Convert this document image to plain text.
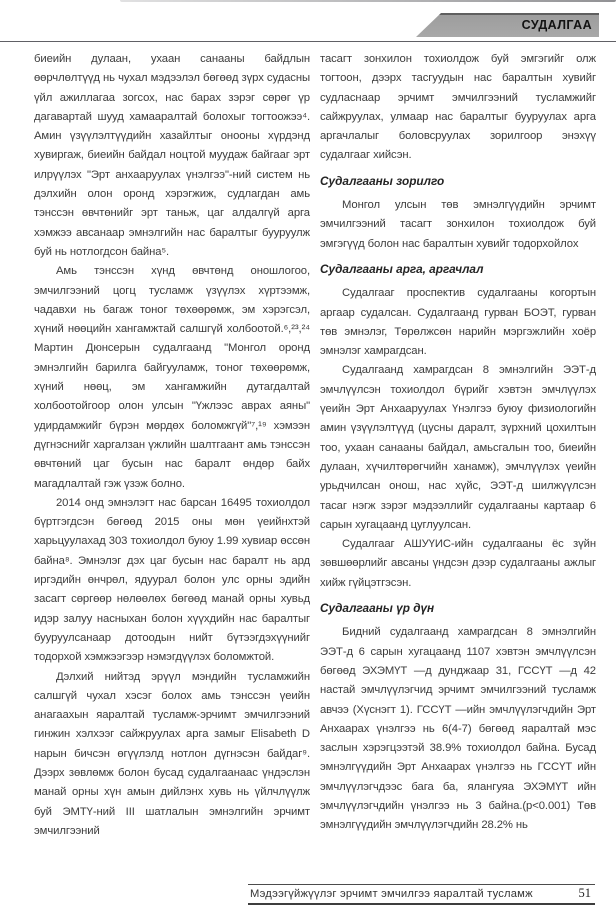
СУДАЛГАА

биеийн дулаан, ухаан санааны байдлын өөрчлөлтүүд нь чухал мэдээлэл бөгөөд зүрх судасны үйл ажиллагаа зогсох, нас барах зэрэг сөрөг үр дагавартай шууд хамааралтай болохыг тогтоожээ⁴. Амин үзүүлэлтүүдийн хазайлтыг онооны хүрдэнд хувиргаж, биеийн байдал ноцтой муудаж байгааг эрт илрүүлэх "Эрт анхааруулах үнэлгээ"-ний систем нь дэлхийн олон оронд хэрэгжиж, судлагдан амь тэнссэн өвчтөнийг эрт таньж, цаг алдалгүй арга хэмжээ авсанаар эмнэлгийн нас баралтыг бууруулж буй нь нотлогдсон байна⁵.

Амь тэнссэн хүнд өвчтөнд оношлогоо, эмчилгээний цогц тусламж үзүүлэх хүртээмж, чадавхи нь багаж тоног төхөөрөмж, эм хэрэгсэл, хүний нөөцийн хангамжтай салшгүй холбоотой.⁶,²³,²⁴ Мартин Дюнсерын судалгаанд "Монгол оронд эмнэлгийн барилга байгууламж, тоног төхөөрөмж, хүний нөөц, эм хангамжийн дутагдалтай холбоотойгоор олон улсын "Үжлээс аврах аяны" удирдамжийг бүрэн мөрдөх боломжгүй"⁷,¹⁹ хэмээн дүгнэснийг харгалзан үжлийн шалтгаант амь тэнссэн өвчтөний цаг бусын нас баралт өндөр байх магадлалтай гэж үзэж болно.

2014 онд эмнэлэгт нас барсан 16495 тохиолдол бүртгэгдсэн бөгөөд 2015 оны мөн үеийнхтэй харьцуулахад 303 тохиолдол буюу 1.99 хувиар өссөн байна⁸. Эмнэлэг дэх цаг бусын нас баралт нь ард иргэдийн өнчрөл, ядуурал болон улс орны эдийн засагт сөргөөр нөлөөлөх бөгөөд манай орны хувьд идэр залуу насныхан болон хүүхдийн нас баралтыг бууруулсанаар дотоодын нийт бүтээгдэхүүнийг тодорхой хэмжээгээр нэмэгдүүлэх боломжтой.

Дэлхий нийтэд эрүүл мэндийн тусламжийн салшгүй чухал хэсэг болох амь тэнссэн үеийн анагаахын яаралтай тусламж-эрчимт эмчилгээний гинжин хэлхээг сайжруулах арга замыг Elisabeth D нарын бичсэн өгүүлэлд нотлон дүгнэсэн байдаг⁹. Дээрх зөвлөмж болон бусад судалгаанаас үндэслэн манай орны хүн амын дийлэнх хувь нь үйлчлүүлж буй ЭМТҮ-ний III шатлалын эмнэлгийн эрчимт эмчилгээний

тасагт зонхилон тохиолдож буй эмгэгийг олж тогтоон, дээрх тасгуудын нас баралтын хувийг судласнаар эрчимт эмчилгээний тусламжийг сайжруулах, улмаар нас баралтыг бууруулах арга аргачлалыг боловсруулах зорилгоор энэхүү судалгааг хийсэн.

Судалгааны зорилго

Монгол улсын төв эмнэлгүүдийн эрчимт эмчилгээний тасагт зонхилон тохиолдож буй эмгэгүүд болон нас баралтын хувийг тодорхойлох

Судалгааны арга, аргачлал

Судалгааг проспектив судалгааны когортын аргаар судалсан. Судалгаанд гурван БОЭТ, гурван төв эмнэлэг, Төрөлжсөн нарийн мэргэжлийн хоёр эмнэлэг хамрагдсан.

Судалгаанд хамрагдсан 8 эмнэлгийн ЭЭТ-д эмчлүүлсэн тохиолдол бүрийг хэвтэн эмчлүүлэх үеийн Эрт Анхааруулах Үнэлгээ буюу физиологийн амин үзүүлэлтүүд (цусны даралт, зүрхний цохилтын тоо, ухаан санааны байдал, амьсгалын тоо, биеийн дулаан, хүчилтөрөгчийн ханамж), эмчлүүлэх үеийн урьдчилсан онош, нас хүйс, ЭЭТ-д шилжүүлсэн тасаг нэгж зэрэг мэдээллийг судалгааны картаар 6 сарын хугацаанд цуглуулсан.

Судалгааг АШУҮИС-ийн судалгааны ёс зүйн зөвшөөрлийг авсаны үндсэн дээр судалгааны ажлыг хийж гүйцэтгэсэн.

Судалгааны үр дүн

Бидний судалгаанд хамрагдсан 8 эмнэлгийн ЭЭТ-д 6 сарын хугацаанд 1107 хэвтэн эмчлүүлсэн бөгөөд ЭХЭМҮТ —д дунджаар 31, ГССҮТ —д 42 настай эмчлүүлэгчид эрчимт эмчилгээний тусламж авчээ (Хүснэгт 1). ГССҮТ —ийн эмчлүүлэгчдийн Эрт Анхаарах үнэлгээ нь 6(4-7) бөгөөд яаралтай мэс заслын хэрэгцээтэй 38.9% тохиолдол байна. Бусад эмнэлгүүдийн Эрт Анхаарах үнэлгээ нь ГССҮТ ийн эмчлүүлэгчдээс бага ба, ялангуяа ЭХЭМҮТ ийн эмчлүүлэгчдийн үнэлгээ нь 3 байна.(p<0.001) Төв эмнэлгүүдийн эмчлүүлэгчдийн 28.2% нь

Мэдээгүйжүүлэг эрчимт эмчилгээ яаралтай тусламж	51
